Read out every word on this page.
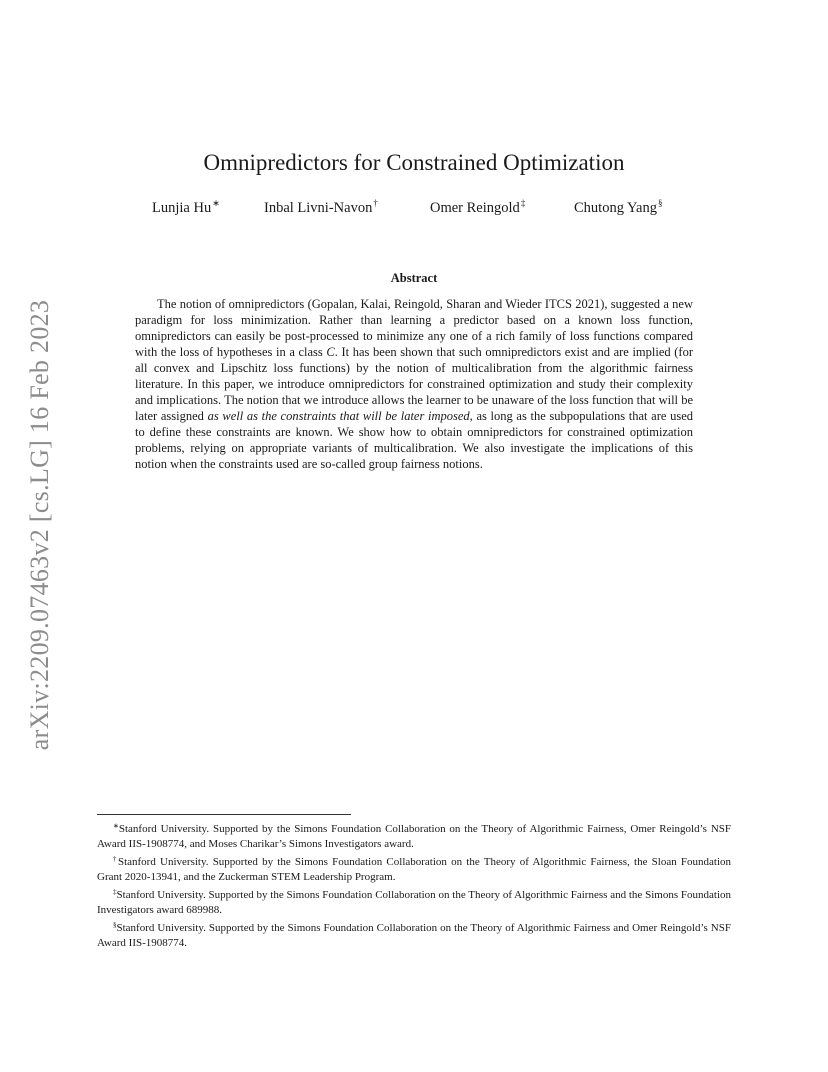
arXiv:2209.07463v2 [cs.LG] 16 Feb 2023
Omnipredictors for Constrained Optimization
Lunjia Hu∗	Inbal Livni-Navon†	Omer Reingold‡	Chutong Yang§
Abstract

The notion of omnipredictors (Gopalan, Kalai, Reingold, Sharan and Wieder ITCS 2021), suggested a new paradigm for loss minimization. Rather than learning a predictor based on a known loss function, omnipredictors can easily be post-processed to minimize any one of a rich family of loss functions compared with the loss of hypotheses in a class C. It has been shown that such omnipredictors exist and are implied (for all convex and Lipschitz loss functions) by the notion of multicalibration from the algorithmic fairness literature. In this paper, we introduce omnipredictors for constrained optimization and study their complexity and implications. The notion that we introduce allows the learner to be unaware of the loss function that will be later assigned as well as the constraints that will be later imposed, as long as the subpopulations that are used to define these constraints are known. We show how to obtain omnipredictors for constrained optimization problems, relying on appropriate variants of multicalibration. We also investigate the implications of this notion when the constraints used are so-called group fairness notions.

∗Stanford University. Supported by the Simons Foundation Collaboration on the Theory of Algorithmic Fairness, Omer Reingold’s NSF Award IIS-1908774, and Moses Charikar’s Simons Investigators award.

†Stanford University. Supported by the Simons Foundation Collaboration on the Theory of Algorithmic Fairness, the Sloan Foundation Grant 2020-13941, and the Zuckerman STEM Leadership Program.

‡Stanford University. Supported by the Simons Foundation Collaboration on the Theory of Algorithmic Fairness and the Simons Foundation Investigators award 689988.

§Stanford University. Supported by the Simons Foundation Collaboration on the Theory of Algorithmic Fairness and Omer Reingold’s NSF Award IIS-1908774.
